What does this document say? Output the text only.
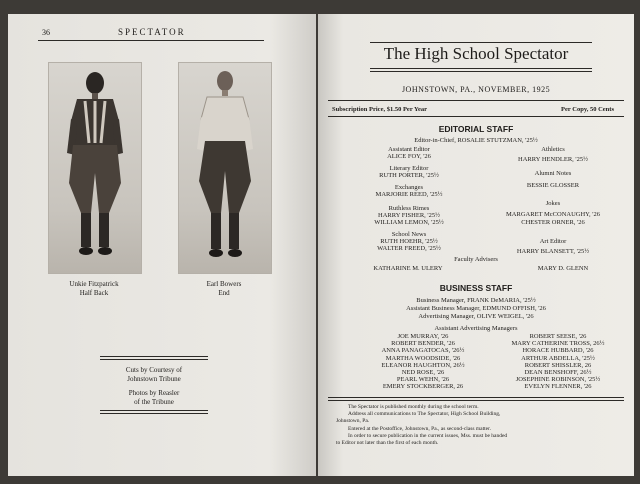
36	SPECTATOR
Unkie Fitzpatrick
Half Back
Earl Bowers
End
Cuts by Courtesy of
Johnstown Tribune
Photos by Reasler
of the Tribune
The High School Spectator
JOHNSTOWN, PA., NOVEMBER, 1925
Subscription Price, $1.50 Per Year	Per Copy, 50 Cents
EDITORIAL STAFF
Editor-in-Chief, ROSALIE STUTZMAN, '25½
Assistant Editor
ALICE FOY, '26
Literary Editor
RUTH PORTER, '25½
Exchanges
MARJORIE REED, '25½
Ruthless Rimes
HARRY FISHER, '25½
WILLIAM LEMON, '25½
School News
RUTH HOEHR, '25½
WALTER FREED, '25½
Athletics
HARRY HENDLER, '25½
Alumni Notes
BESSIE GLOSSER
Jokes
MARGARET McCONAUGHY, '26
CHESTER ORNER, '26
Art Editor
HARRY BLANSETT, '25½
Faculty Advisers
KATHARINE M. ULERY	MARY D. GLENN
BUSINESS STAFF
Business Manager, FRANK DeMARIA, '25½
Assistant Business Manager, EDMUND OFFISH, '26
Advertising Manager, OLIVE WEIGEL, '26
Assistant Advertising Managers
JOE MURRAY, '26
ROBERT BENDER, '26
ANNA PANAGATOCAS, '26½
MARTHA WOODSIDE, '26
ELEANOR HAUGHTON, 26½
NED ROSE, '26
PEARL WEHN, '26
EMERY STOCKBERGER, 26
ROBERT SEESE, '26
MARY CATHERINE TROSS, 26½
HORACE HUBBARD, '26
ARTHUR ABDELLA, '25½
ROBERT SHISSLER, 26
DEAN BENSHOFF, 26½
JOSEPHINE ROBINSON, '25½
EVELYN FLENNER, '26
The Spectator is published monthly during the school term.
Address all communications to The Spectator, High School Building,
Johnstown, Pa.
Entered at the Postoffice, Johnstown, Pa., as second-class matter.
In order to secure publication in the current issues, Mss. must be handed
to Editor not later than the first of each month.
